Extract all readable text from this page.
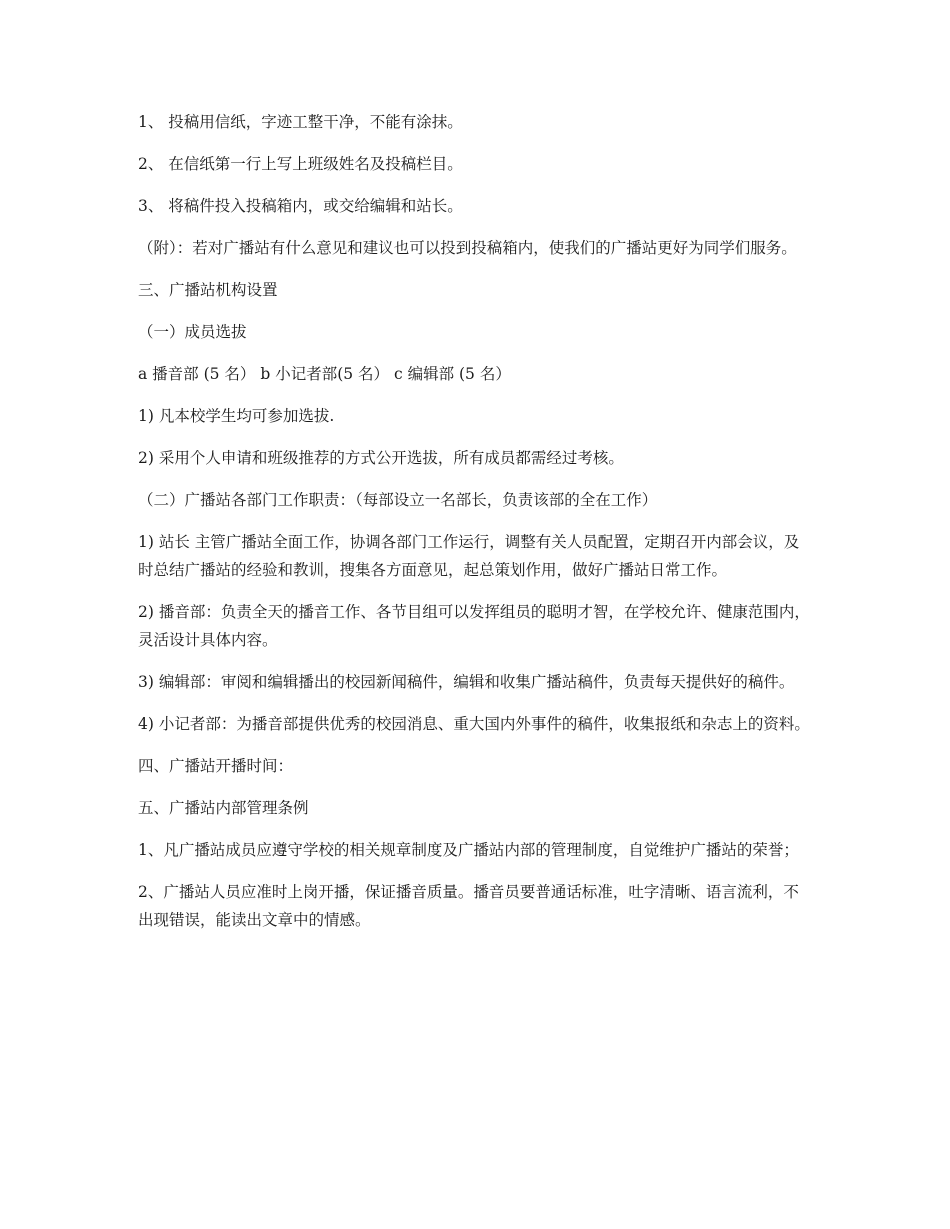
1、 投稿用信纸，字迹工整干净，不能有涂抹。

2、 在信纸第一行上写上班级姓名及投稿栏目。

3、 将稿件投入投稿箱内，或交给编辑和站长。

（附）：若对广播站有什么意见和建议也可以投到投稿箱内，使我们的广播站更好为同学们服务。

三、广播站机构设置

（一）成员选拔

a 播音部 (5 名） b 小记者部(5 名） c 编辑部 (5 名）

1) 凡本校学生均可参加选拔.

2) 采用个人申请和班级推荐的方式公开选拔，所有成员都需经过考核。

（二）广播站各部门工作职责：（每部设立一名部长，负责该部的全在工作）

1) 站长 主管广播站全面工作，协调各部门工作运行，调整有关人员配置，定期召开内部会议，及时总结广播站的经验和教训，搜集各方面意见，起总策划作用，做好广播站日常工作。

2) 播音部：负责全天的播音工作、各节目组可以发挥组员的聪明才智，在学校允许、健康范围内，灵活设计具体内容。

3) 编辑部：审阅和编辑播出的校园新闻稿件，编辑和收集广播站稿件，负责每天提供好的稿件。

4) 小记者部：为播音部提供优秀的校园消息、重大国内外事件的稿件，收集报纸和杂志上的资料。

四、广播站开播时间：

五、广播站内部管理条例

1、凡广播站成员应遵守学校的相关规章制度及广播站内部的管理制度，自觉维护广播站的荣誉；

2、广播站人员应准时上岗开播，保证播音质量。播音员要普通话标准，吐字清晰、语言流利，不出现错误，能读出文章中的情感。
